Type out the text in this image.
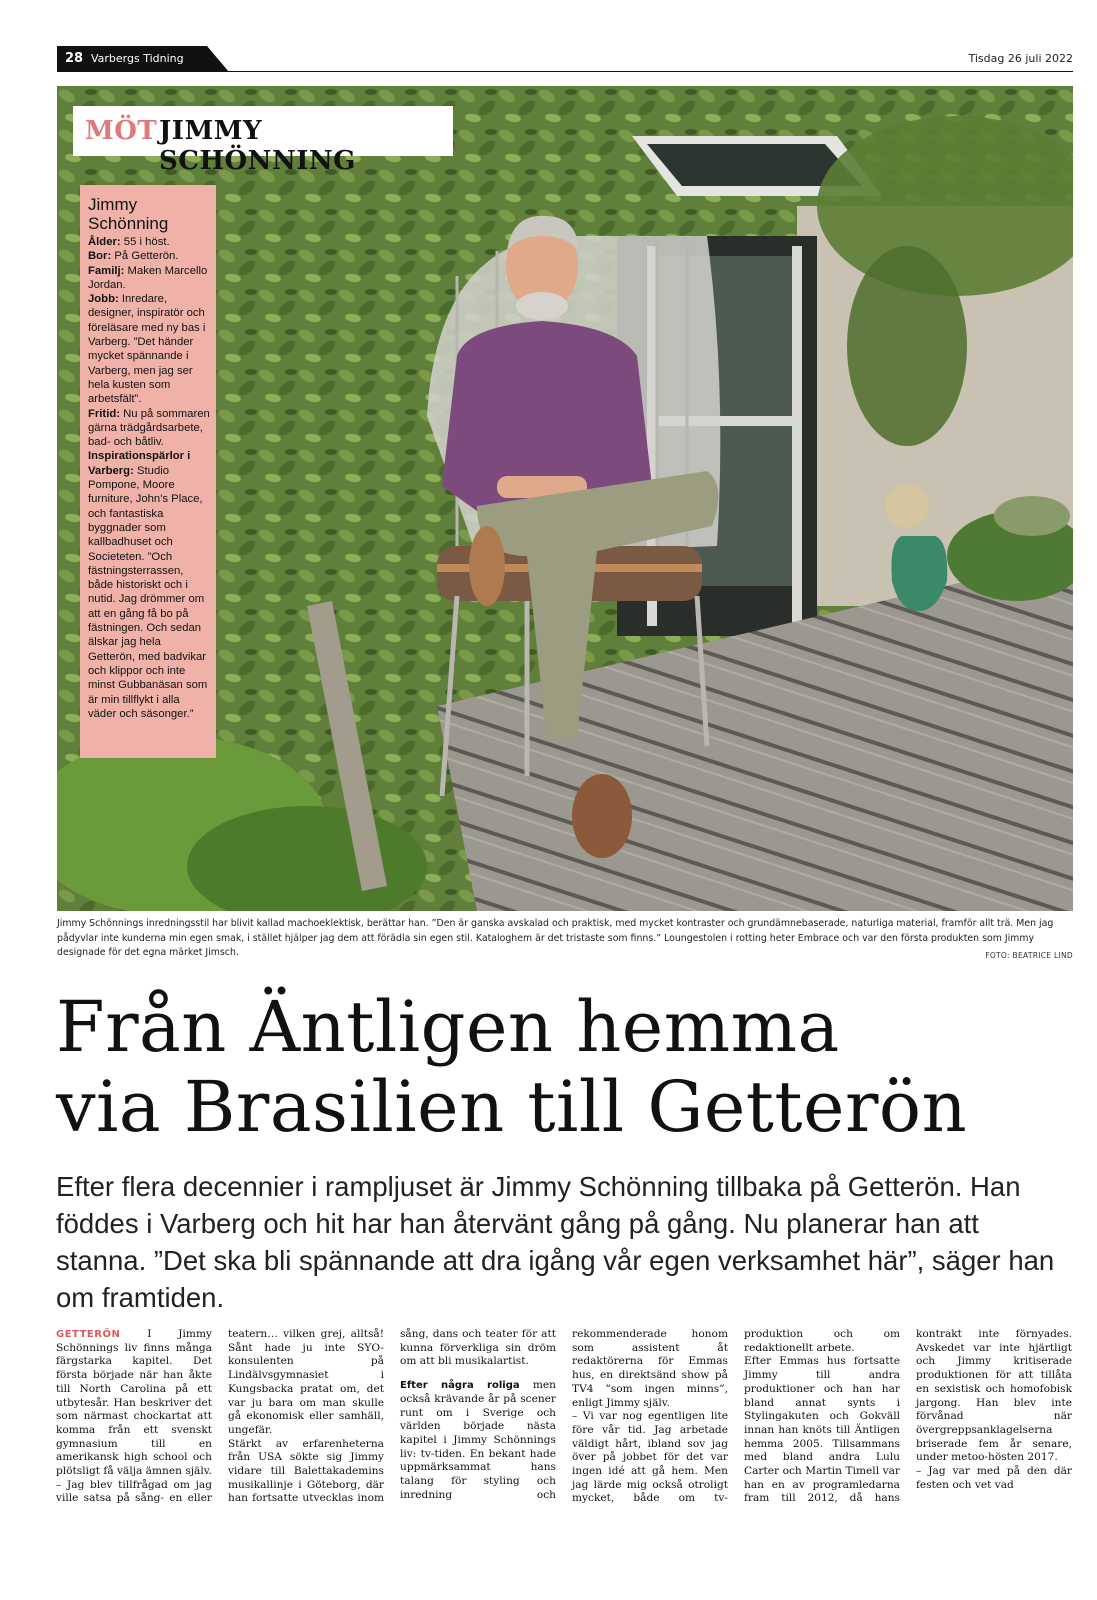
28 Varbergs Tidning	Tisdag 26 juli 2022
MÖT JIMMY SCHÖNNING
Jimmy Schönning

Ålder: 55 i höst.

Bor: På Getterön.

Familj: Maken Marcello Jordan.

Jobb: Inredare, designer, inspiratör och föreläsare med ny bas i Varberg. ”Det händer mycket spännande i Varberg, men jag ser hela kusten som arbetsfält”.

Fritid: Nu på sommaren gärna trädgårdsarbete, bad- och båtliv.

Inspirationspärlor i Varberg: Studio Pompone, Moore furniture, John's Place, och fantastiska byggnader som kallbadhuset och Societeten. ”Och fästningsterrassen, både historiskt och i nutid. Jag drömmer om att en gång få bo på fästningen. Och sedan älskar jag hela Getterön, med badvikar och klippor och inte minst Gubbanäsan som är min tillflykt i alla väder och säsonger.”

Jimmy Schönnings inredningsstil har blivit kallad machoeklektisk, berättar han. ”Den är ganska avskalad och praktisk, med mycket kontraster och grundämnebaserade, naturliga material, framför allt trä. Men jag pådyvlar inte kunderna min egen smak, i stället hjälper jag dem att förädla sin egen stil. Kataloghem är det tristaste som finns.” Loungestolen i rotting heter Embrace och var den första produkten som Jimmy designade för det egna märket Jimsch.	FOTO: BEATRICE LIND
Från Äntligen hemma
via Brasilien till Getterön

Efter flera decennier i rampljuset är Jimmy Schönning tillbaka på Getterön. Han föddes i Varberg och hit har han återvänt gång på gång. Nu planerar han att stanna. ”Det ska bli spännande att dra igång vår egen verksamhet här”, säger han om framtiden.

GETTERÖN	I Jimmy Schönnings liv finns många färgstarka kapitel. Det första började när han åkte till North Carolina på ett utbytesår. Han beskriver det som närmast chockartat att komma från ett svenskt gymnasium till en amerikansk high school och plötsligt få välja ämnen själv.

– Jag blev tillfrågad om jag ville satsa på sång- en eller teatern… vilken grej, alltså! Sånt hade ju inte SYO-konsulenten på Lindälvsgymnasiet i Kungsbacka pratat om, det var ju bara om man skulle gå ekonomisk eller samhäll, ungefär.

Stärkt av erfarenheterna från USA sökte sig Jimmy vidare till Balettakademins musikallinje i Göteborg, där han fortsatte utvecklas inom sång, dans och teater för att kunna förverkliga sin dröm om att bli musikalartist.

Efter några roliga men också krävande år på scener runt om i Sverige och världen började nästa kapitel i Jimmy Schönnings liv: tv-tiden. En bekant hade uppmärksammat hans talang för styling och inredning och rekommenderade honom som assistent åt redaktörerna för Emmas hus, en direktsänd show på TV4 ”som ingen minns”, enligt Jimmy själv.

– Vi var nog egentligen lite före vår tid. Jag arbetade väldigt hårt, ibland sov jag över på jobbet för det var ingen idé att gå hem. Men jag lärde mig också otroligt mycket, både om tv-produktion och om redaktionellt arbete.

Efter Emmas hus fortsatte Jimmy till andra produktioner och han har bland annat synts i Stylingakuten och Gokväll innan han knöts till Äntligen hemma 2005. Tillsammans med bland andra Lulu Carter och Martin Timell var han en av programledarna fram till 2012, då hans kontrakt inte förnyades. Avskedet var inte hjärtligt och Jimmy kritiserade produktionen för att tillåta en sexistisk och homofobisk jargong. Han blev inte förvånad när övergreppsanklagelserna briserade fem år senare, under metoo-hösten 2017.

– Jag var med på den där festen och vet vad
